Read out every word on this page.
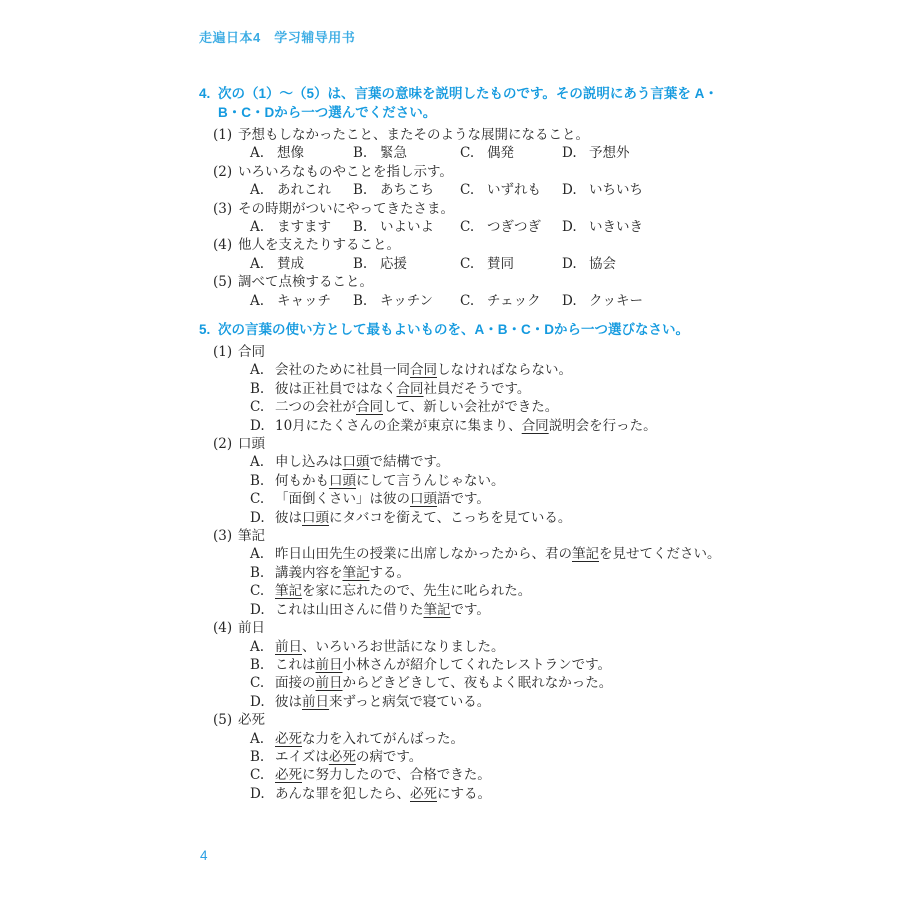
走遍日本4　学习辅导用书
4. 次の（1）～（5）は、言葉の意味を説明したものです。その説明にあう言葉を A・
B・C・Dから一つ選んでください。
(1) 予想もしなかったこと、またそのような展開になること。
A. 想像	B. 緊急	C. 偶発	D. 予想外
(2) いろいろなものやことを指し示す。
A. あれこれ B. あちこち C. いずれも D. いちいち
(3) その時期がついにやってきたさま。
A. ますます B. いよいよ C. つぎつぎ D. いきいき
(4) 他人を支えたりすること。
A. 賛成	B. 応援	C. 賛同	D. 協会
(5) 調べて点検すること。
A. キャッチ B. キッチン C. チェック D. クッキー
5. 次の言葉の使い方として最もよいものを、A・B・C・Dから一つ選びなさい。
(1) 合同
A. 会社のために社員一同合同しなければならない。
B. 彼は正社員ではなく合同社員だそうです。
C. 二つの会社が合同して、新しい会社ができた。
D. 10月にたくさんの企業が東京に集まり、合同説明会を行った。
(2) 口頭
A. 申し込みは口頭で結構です。
B. 何もかも口頭にして言うんじゃない。
C. 「面倒くさい」は彼の口頭語です。
D. 彼は口頭にタバコを銜えて、こっちを見ている。
(3) 筆記
A. 昨日山田先生の授業に出席しなかったから、君の筆記を見せてください。
B. 講義内容を筆記する。
C. 筆記を家に忘れたので、先生に叱られた。
D. これは山田さんに借りた筆記です。
(4) 前日
A. 前日、いろいろお世話になりました。
B. これは前日小林さんが紹介してくれたレストランです。
C. 面接の前日からどきどきして、夜もよく眠れなかった。
D. 彼は前日来ずっと病気で寝ている。
(5) 必死
A. 必死な力を入れてがんばった。
B. エイズは必死の病です。
C. 必死に努力したので、合格できた。
D. あんな罪を犯したら、必死にする。
4
